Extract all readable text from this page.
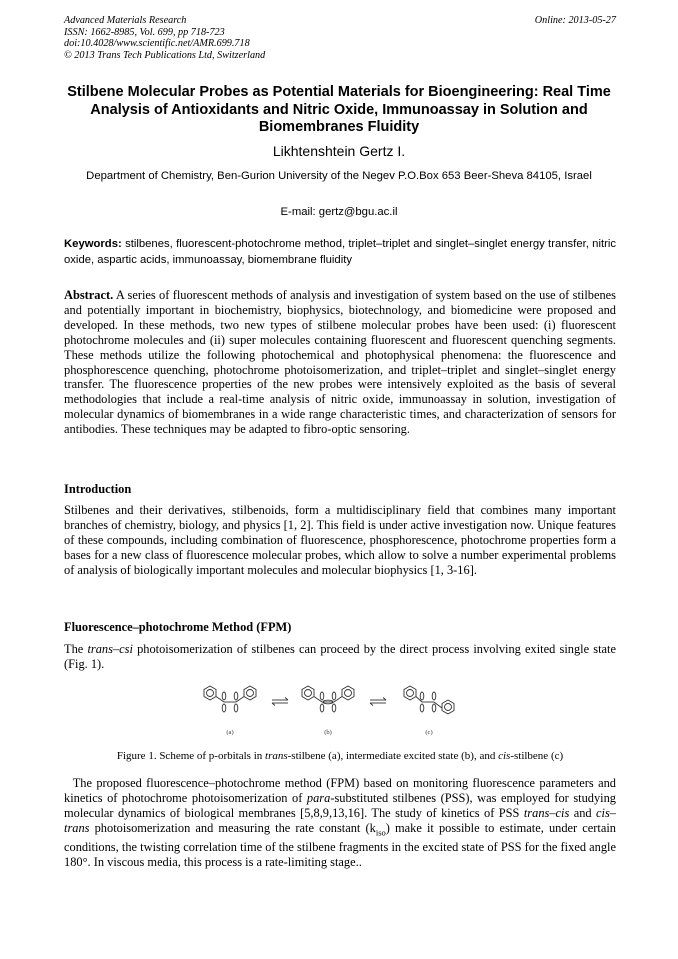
Advanced Materials Research
ISSN: 1662-8985, Vol. 699, pp 718-723
doi:10.4028/www.scientific.net/AMR.699.718
© 2013 Trans Tech Publications Ltd, Switzerland
Online: 2013-05-27
Stilbene Molecular Probes as Potential Materials for Bioengineering: Real Time Analysis of Antioxidants and Nitric Oxide, Immunoassay in Solution and Biomembranes Fluidity
Likhtenshtein Gertz I.
Department of Chemistry, Ben-Gurion University of the Negev P.O.Box 653 Beer-Sheva 84105, Israel
E-mail: gertz@bgu.ac.il
Keywords: stilbenes, fluorescent-photochrome method, triplet–triplet and singlet–singlet energy transfer, nitric oxide, aspartic acids, immunoassay, biomembrane fluidity
Abstract. A series of fluorescent methods of analysis and investigation of system based on the use of stilbenes and potentially important in biochemistry, biophysics, biotechnology, and biomedicine were proposed and developed. In these methods, two new types of stilbene molecular probes have been used: (i) fluorescent photochrome molecules and (ii) super molecules containing fluorescent and fluorescent quenching segments. These methods utilize the following photochemical and photophysical phenomena: the fluorescence and phosphorescence quenching, photochrome photoisomerization, and triplet–triplet and singlet–singlet energy transfer. The fluorescence properties of the new probes were intensively exploited as the basis of several methodologies that include a real-time analysis of nitric oxide, immunoassay in solution, investigation of molecular dynamics of biomembranes in a wide range characteristic times, and characterization of sensors for antibodies. These techniques may be adapted to fibro-optic sensoring.
Introduction
Stilbenes and their derivatives, stilbenoids, form a multidisciplinary field that combines many important branches of chemistry, biology, and physics [1, 2]. This field is under active investigation now. Unique features of these compounds, including combination of fluorescence, phosphorescence, photochrome properties form a bases for a new class of fluorescence molecular probes, which allow to solve a number experimental problems of analysis of biologically important molecules and molecular biophysics [1, 3-16].
Fluorescence–photochrome Method (FPM)
The trans–csi photoisomerization of stilbenes can proceed by the direct process involving exited single state (Fig. 1).
(a)	(b)	(c)
Figure 1. Scheme of p-orbitals in trans-stilbene (a), intermediate excited state (b), and cis-stilbene (c)
The proposed fluorescence–photochrome method (FPM) based on monitoring fluorescence parameters and kinetics of photochrome photoisomerization of para-substituted stilbenes (PSS), was employed for studying molecular dynamics of biological membranes [5,8,9,13,16]. The study of kinetics of PSS trans–cis and cis–trans photoisomerization and measuring the rate constant $(k_{iso})$ make it possible to estimate, under certain conditions, the twisting correlation time of the stilbene fragments in the excited state of PSS for the fixed angle 180°. In viscous media, this process is a rate-limiting stage..
